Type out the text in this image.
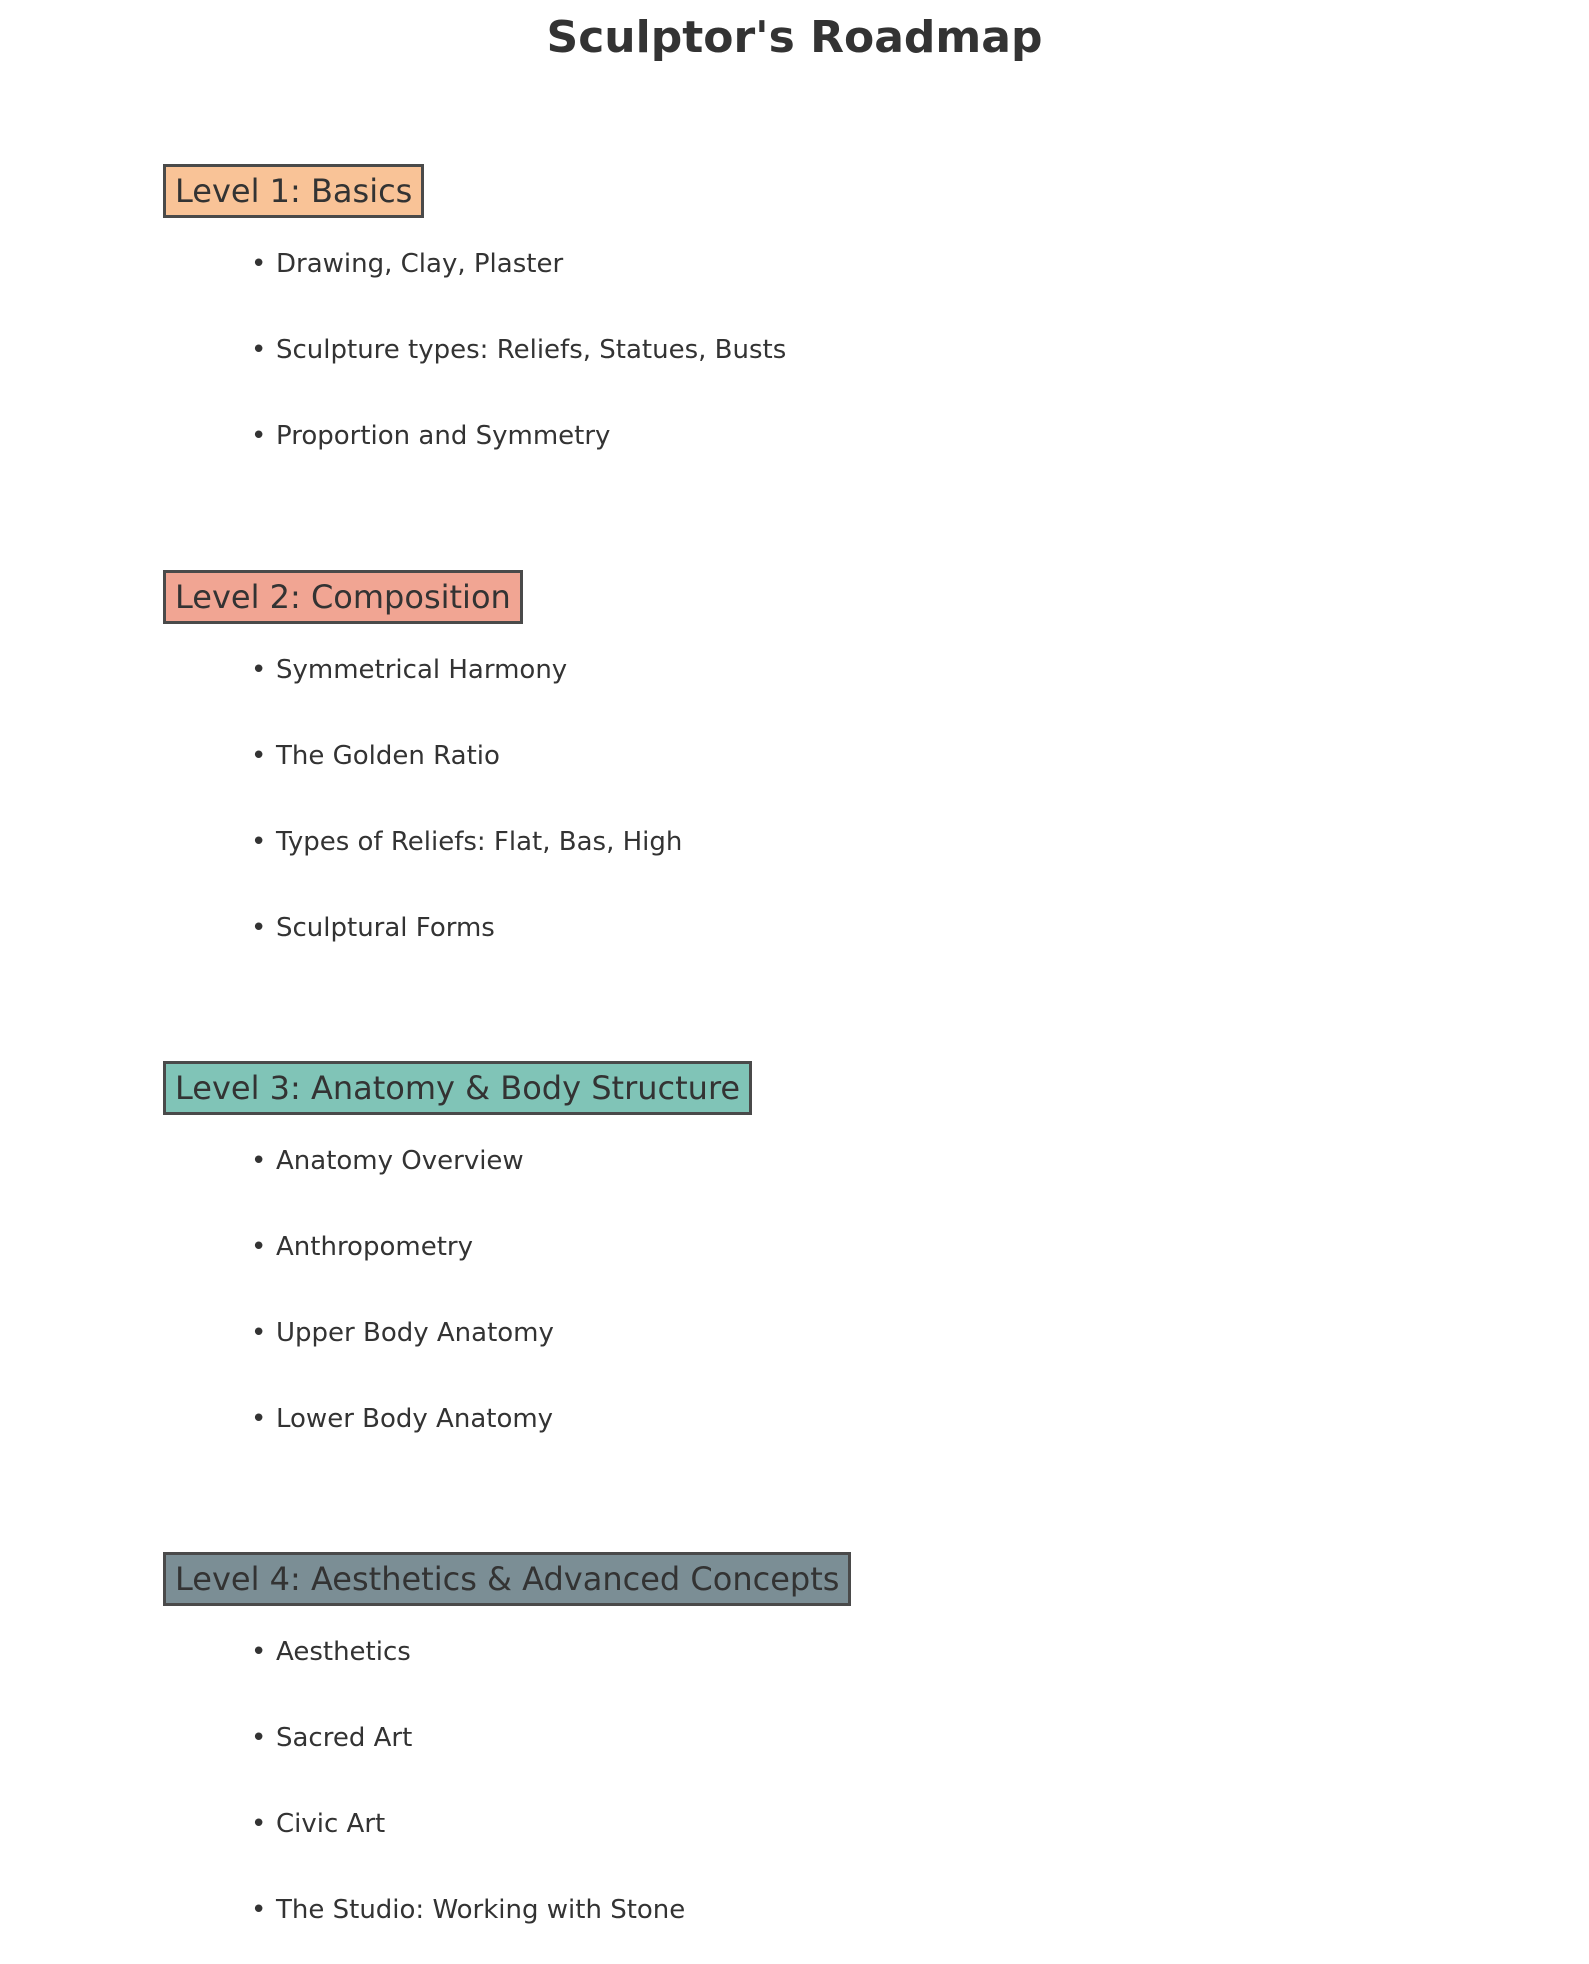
Sculptor's Roadmap
Level 1: Basics
• Drawing, Clay, Plaster
• Sculpture types: Reliefs, Statues, Busts
• Proportion and Symmetry
Level 2: Composition
• Symmetrical Harmony
• The Golden Ratio
• Types of Reliefs: Flat, Bas, High
• Sculptural Forms
Level 3: Anatomy & Body Structure
• Anatomy Overview
• Anthropometry
• Upper Body Anatomy
• Lower Body Anatomy
Level 4: Aesthetics & Advanced Concepts
• Aesthetics
• Sacred Art
• Civic Art
• The Studio: Working with Stone
